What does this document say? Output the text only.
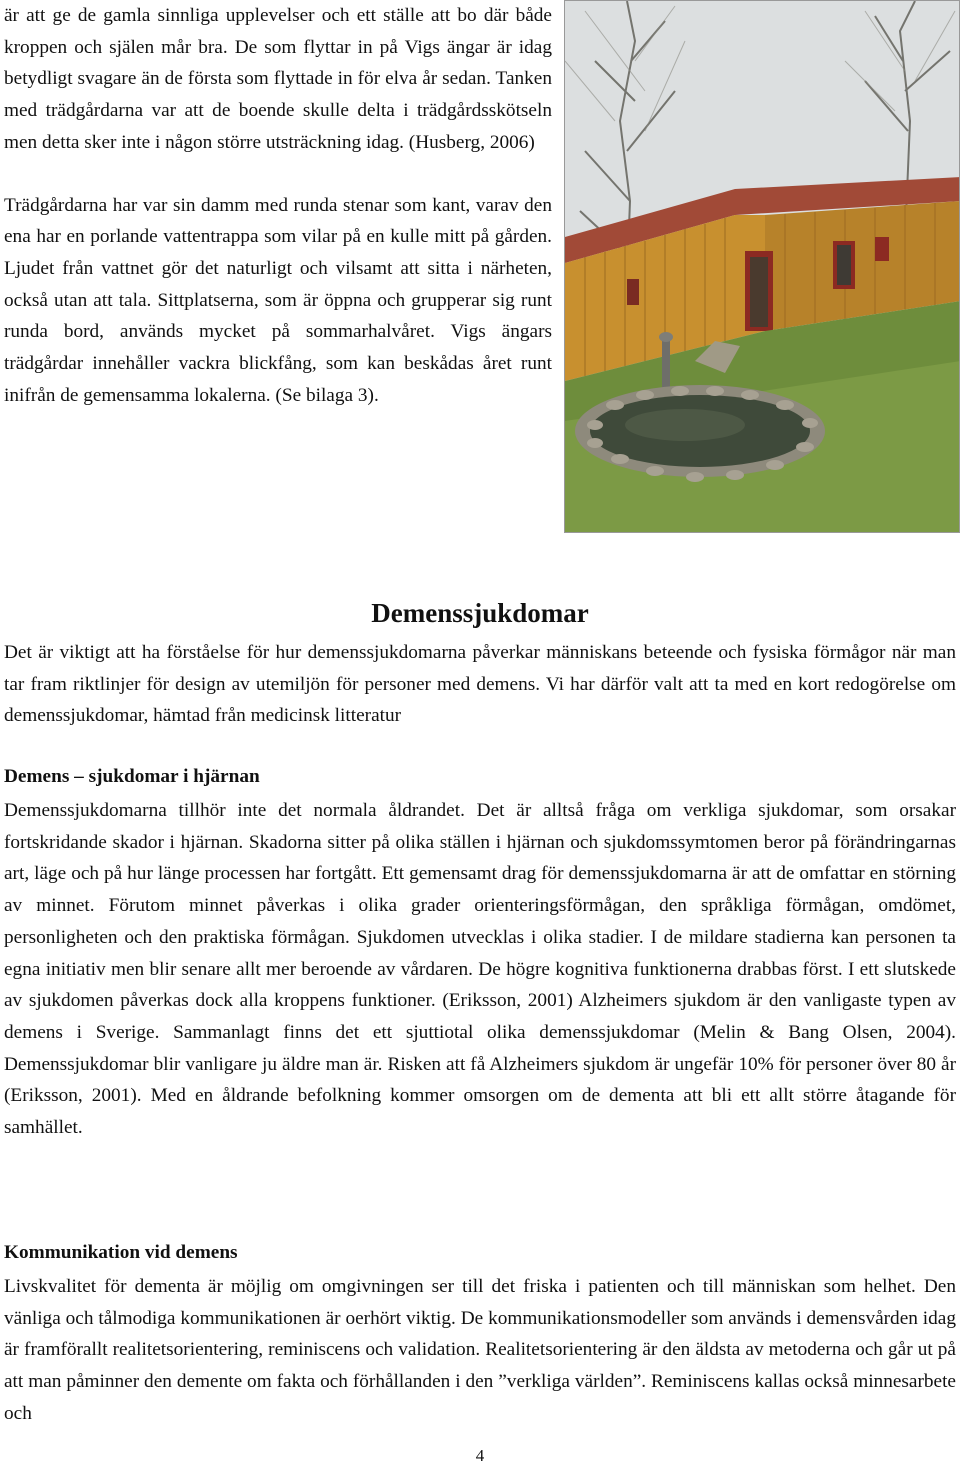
är att ge de gamla sinnliga upplevelser och ett ställe att bo där både kroppen och själen mår bra. De som flyttar in på Vigs ängar är idag betydligt svagare än de första som flyttade in för elva år sedan. Tanken med trädgårdarna var att de boende skulle delta i trädgårdsskötseln men detta sker inte i någon större utsträckning idag. (Husberg, 2006)

Trädgårdarna har var sin damm med runda stenar som kant, varav den ena har en porlande vattentrappa som vilar på en kulle mitt på gården. Ljudet från vattnet gör det naturligt och vilsamt att sitta i närheten, också utan att tala. Sittplatserna, som är öppna och grupperar sig runt runda bord, används mycket på sommarhalvåret. Vigs ängars trädgårdar innehåller vackra blickfång, som kan beskådas året runt inifrån de gemensamma lokalerna. (Se bilaga 3).

Demenssjukdomar

Det är viktigt att ha förståelse för hur demenssjukdomarna påverkar människans beteende och fysiska förmågor när man tar fram riktlinjer för design av utemiljön för personer med demens. Vi har därför valt att ta med en kort redogörelse om demenssjukdomar, hämtad från medicinsk litteratur

Demens – sjukdomar i hjärnan

Demenssjukdomarna tillhör inte det normala åldrandet. Det är alltså fråga om verkliga sjukdomar, som orsakar fortskridande skador i hjärnan. Skadorna sitter på olika ställen i hjärnan och sjukdomssymtomen beror på förändringarnas art, läge och på hur länge processen har fortgått. Ett gemensamt drag för demenssjukdomarna är att de omfattar en störning av minnet. Förutom minnet påverkas i olika grader orienteringsförmågan, den språkliga förmågan, omdömet, personligheten och den praktiska förmågan. Sjukdomen utvecklas i olika stadier. I de mildare stadierna kan personen ta egna initiativ men blir senare allt mer beroende av vårdaren. De högre kognitiva funktionerna drabbas först. I ett slutskede av sjukdomen påverkas dock alla kroppens funktioner. (Eriksson, 2001) Alzheimers sjukdom är den vanligaste typen av demens i Sverige. Sammanlagt finns det ett sjuttiotal olika demenssjukdomar (Melin & Bang Olsen, 2004). Demenssjukdomar blir vanligare ju äldre man är. Risken att få Alzheimers sjukdom är ungefär 10% för personer över 80 år (Eriksson, 2001). Med en åldrande befolkning kommer omsorgen om de dementa att bli ett allt större åtagande för samhället.

Kommunikation vid demens

Livskvalitet för dementa är möjlig om omgivningen ser till det friska i patienten och till människan som helhet. Den vänliga och tålmodiga kommunikationen är oerhört viktig. De kommunikationsmodeller som används i demensvården idag är framförallt realitetsorientering, reminiscens och validation. Realitetsorientering är den äldsta av metoderna och går ut på att man påminner den demente om fakta och förhållanden i den ”verkliga världen”. Reminiscens kallas också minnesarbete och

4
